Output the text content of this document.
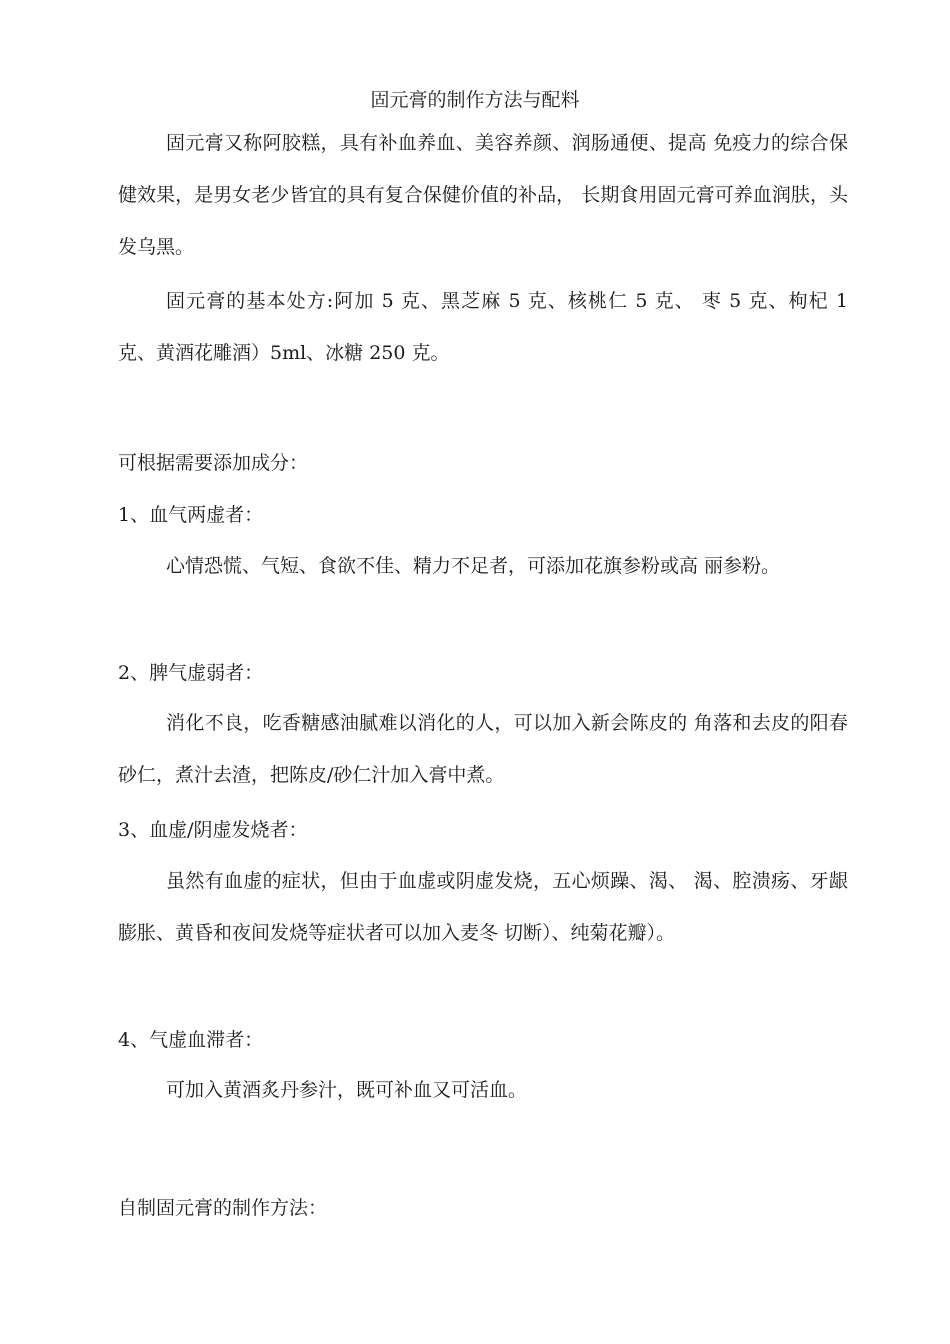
固元膏的制作方法与配料

固元膏又称阿胶糕，具有补血养血、美容养颜、润肠通便、提高 免疫力的综合保健效果，是男女老少皆宜的具有复合保健价值的补品， 长期食用固元膏可养血润肤，头发乌黑。

固元膏的基本处方:阿加 5 克、黑芝麻 5 克、核桃仁 5 克、 枣 5 克、枸杞 1 克、黄酒花雕酒）5ml、冰糖 250 克。

可根据需要添加成分：
1、血气两虚者：

心情恐慌、气短、食欲不佳、精力不足者，可添加花旗参粉或高 丽参粉。

2、脾气虚弱者：

消化不良，吃香糖感油腻难以消化的人，可以加入新会陈皮的 角落和去皮的阳春砂仁，煮汁去渣，把陈皮/砂仁汁加入膏中煮。

3、血虚/阴虚发烧者：

虽然有血虚的症状，但由于血虚或阴虚发烧，五心烦躁、渴、 渴、腔溃疡、牙龈膨胀、黄昏和夜间发烧等症状者可以加入麦冬 切断）、纯菊花瓣）。

4、气虚血滞者：

可加入黄酒炙丹参汁，既可补血又可活血。

自制固元膏的制作方法：
